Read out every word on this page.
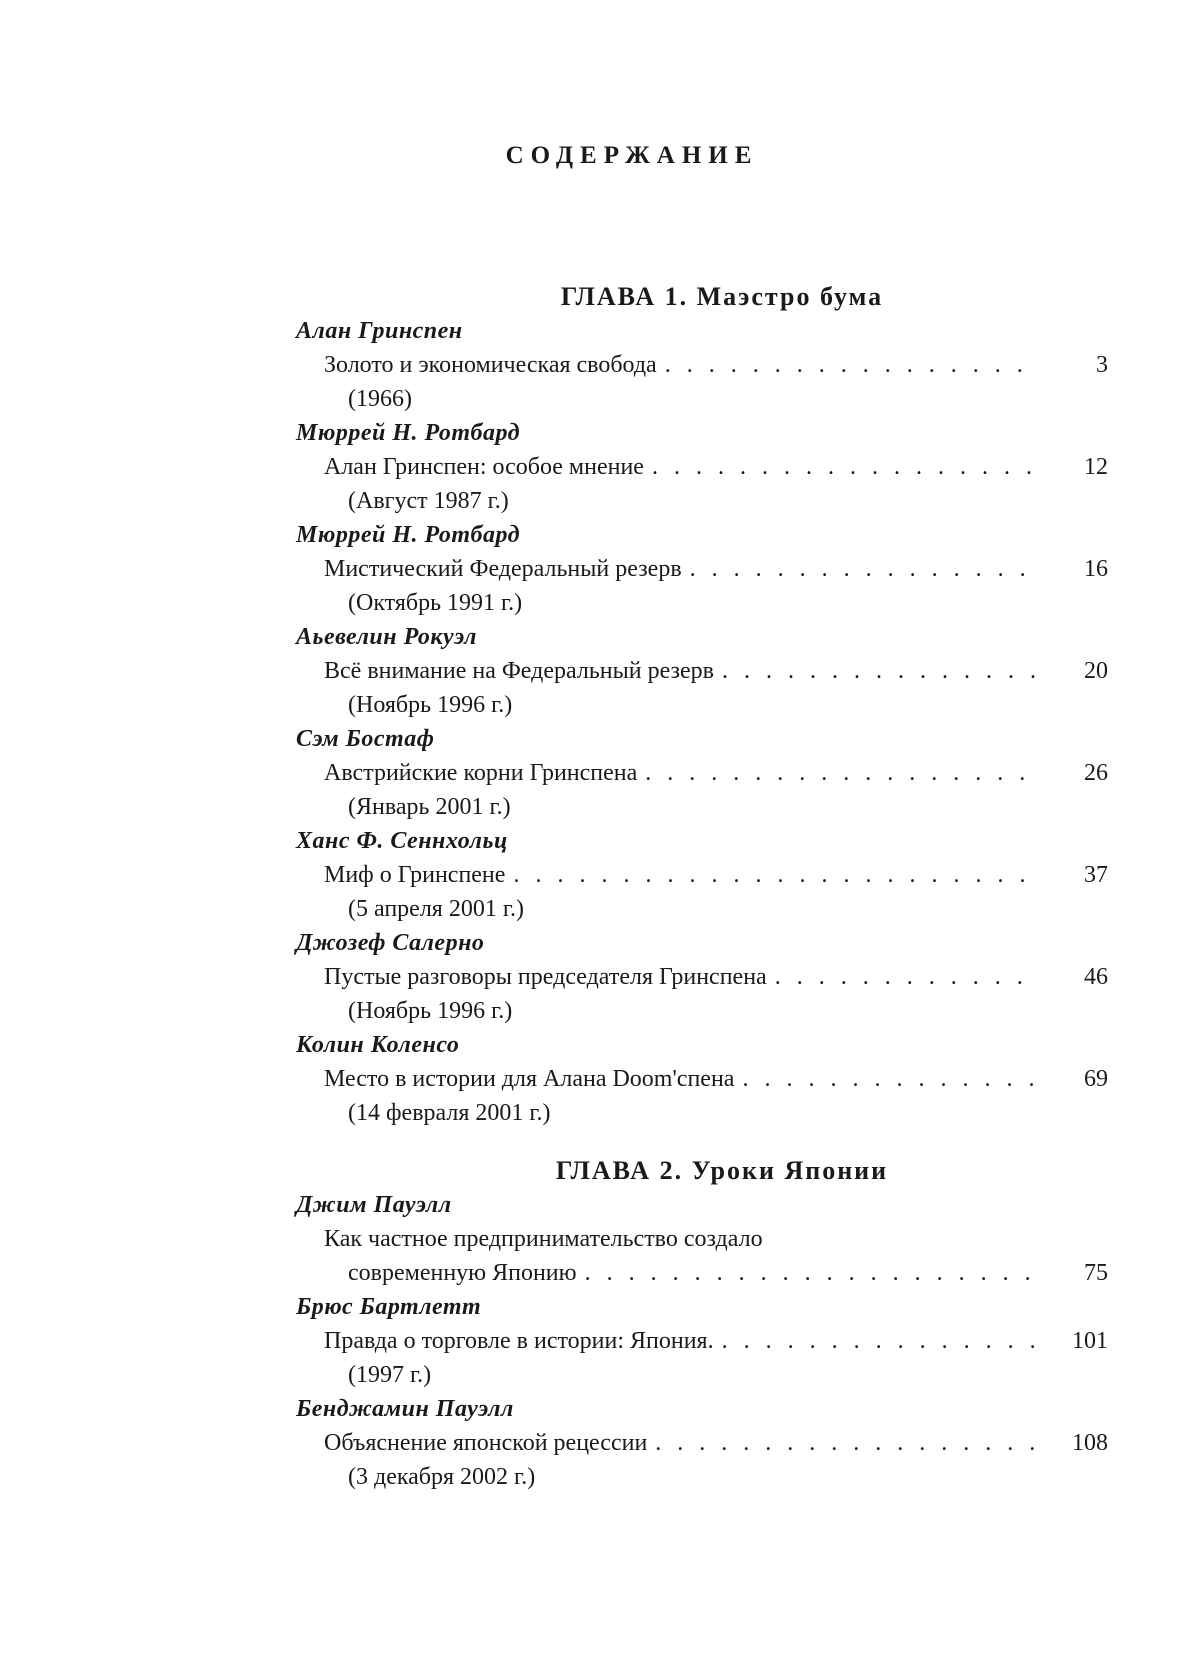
СОДЕРЖАНИЕ
ГЛАВА 1. Маэстро бума
Алан Гринспен
Золото и экономическая свобода . . .	3
(1966)
Мюррей Н. Ротбард
Алан Гринспен: особое мнение . . .	12
(Август 1987 г.)
Мюррей Н. Ротбард
Мистический Федеральный резерв . . .	16
(Октябрь 1991 г.)
Аьевелин Рокуэл
Всё внимание на Федеральный резерв . . .	20
(Ноябрь 1996 г.)
Сэм Бостаф
Австрийские корни Гринспена . . .	26
(Январь 2001 г.)
Ханс Ф. Сеннхольц
Миф о Гринспене . . .	37
(5 апреля 2001 г.)
Джозеф Салерно
Пустые разговоры председателя Гринспена . . .	46
(Ноябрь 1996 г.)
Колин Коленсо
Место в истории для Алана Doom'спена . . .	69
(14 февраля 2001 г.)
ГЛАВА 2. Уроки Японии
Джим Пауэлл
Как частное предпринимательство создало
современную Японию . . .	75
Брюс Бартлетт
Правда о торговле в истории: Япония. . . .	101
(1997 г.)
Бенджамин Пауэлл
Объяснение японской рецессии . . .	108
(3 декабря 2002 г.)
